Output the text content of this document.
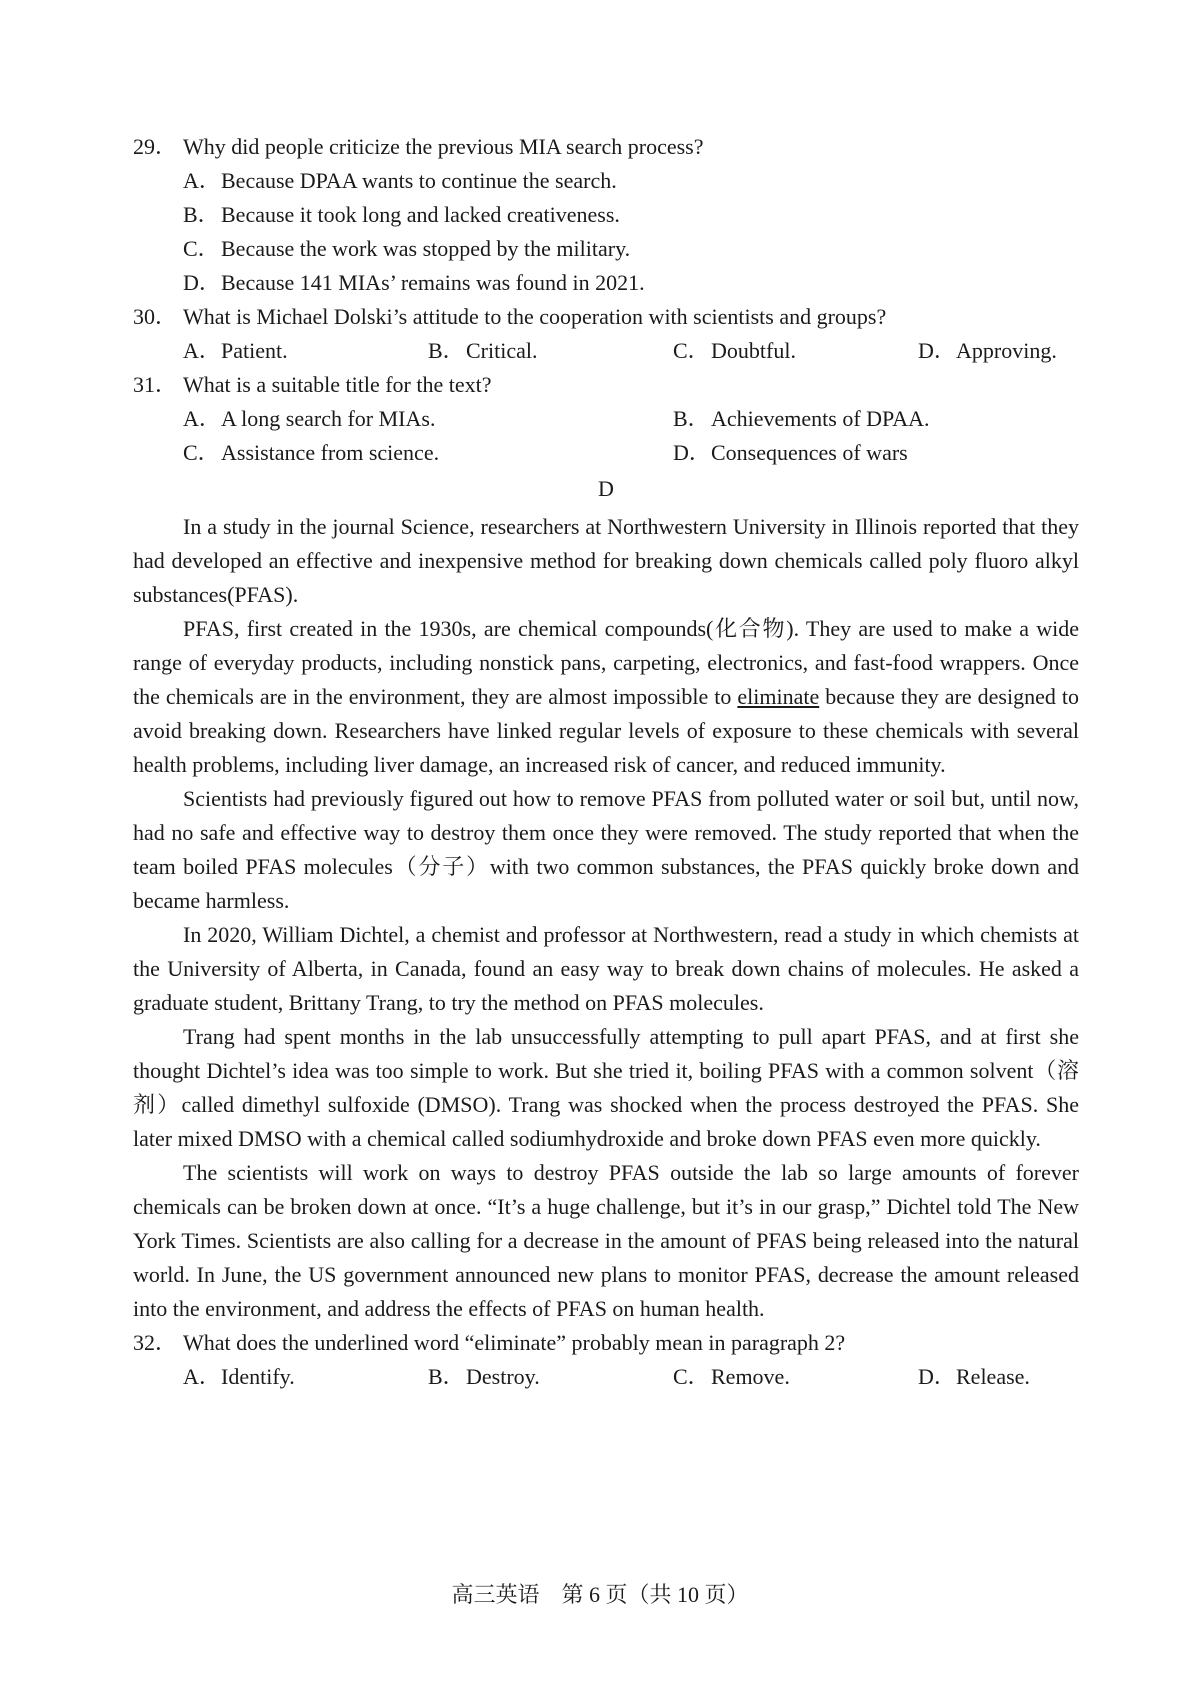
29． Why did people criticize the previous MIA search process?
A．Because DPAA wants to continue the search.
B．Because it took long and lacked creativeness.
C．Because the work was stopped by the military.
D．Because 141 MIAs’ remains was found in 2021.
30． What is Michael Dolski’s attitude to the cooperation with scientists and groups?
A．Patient.	B．Critical.	C．Doubtful.	D．Approving.
31． What is a suitable title for the text?
A．A long search for MIAs.	B．Achievements of DPAA.
C．Assistance from science.	D．Consequences of wars
D

In a study in the journal Science, researchers at Northwestern University in Illinois reported that they had developed an effective and inexpensive method for breaking down chemicals called poly fluoro alkyl substances(PFAS).

PFAS, first created in the 1930s, are chemical compounds(化合物). They are used to make a wide range of everyday products, including nonstick pans, carpeting, electronics, and fast-food wrappers. Once the chemicals are in the environment, they are almost impossible to eliminate because they are designed to avoid breaking down. Researchers have linked regular levels of exposure to these chemicals with several health problems, including liver damage, an increased risk of cancer, and reduced immunity.

Scientists had previously figured out how to remove PFAS from polluted water or soil but, until now, had no safe and effective way to destroy them once they were removed. The study reported that when the team boiled PFAS molecules（分子）with two common substances, the PFAS quickly broke down and became harmless.

In 2020, William Dichtel, a chemist and professor at Northwestern, read a study in which chemists at the University of Alberta, in Canada, found an easy way to break down chains of molecules. He asked a graduate student, Brittany Trang, to try the method on PFAS molecules.

Trang had spent months in the lab unsuccessfully attempting to pull apart PFAS, and at first she thought Dichtel’s idea was too simple to work. But she tried it, boiling PFAS with a common solvent（溶剂）called dimethyl sulfoxide (DMSO). Trang was shocked when the process destroyed the PFAS. She later mixed DMSO with a chemical called sodiumhydroxide and broke down PFAS even more quickly.

The scientists will work on ways to destroy PFAS outside the lab so large amounts of forever chemicals can be broken down at once. “It’s a huge challenge, but it’s in our grasp,” Dichtel told The New York Times. Scientists are also calling for a decrease in the amount of PFAS being released into the natural world. In June, the US government announced new plans to monitor PFAS, decrease the amount released into the environment, and address the effects of PFAS on human health.

32． What does the underlined word “eliminate” probably mean in paragraph 2?
A．Identify.	B．Destroy.	C．Remove.	D．Release.
高三英语　第 6 页（共 10 页）
